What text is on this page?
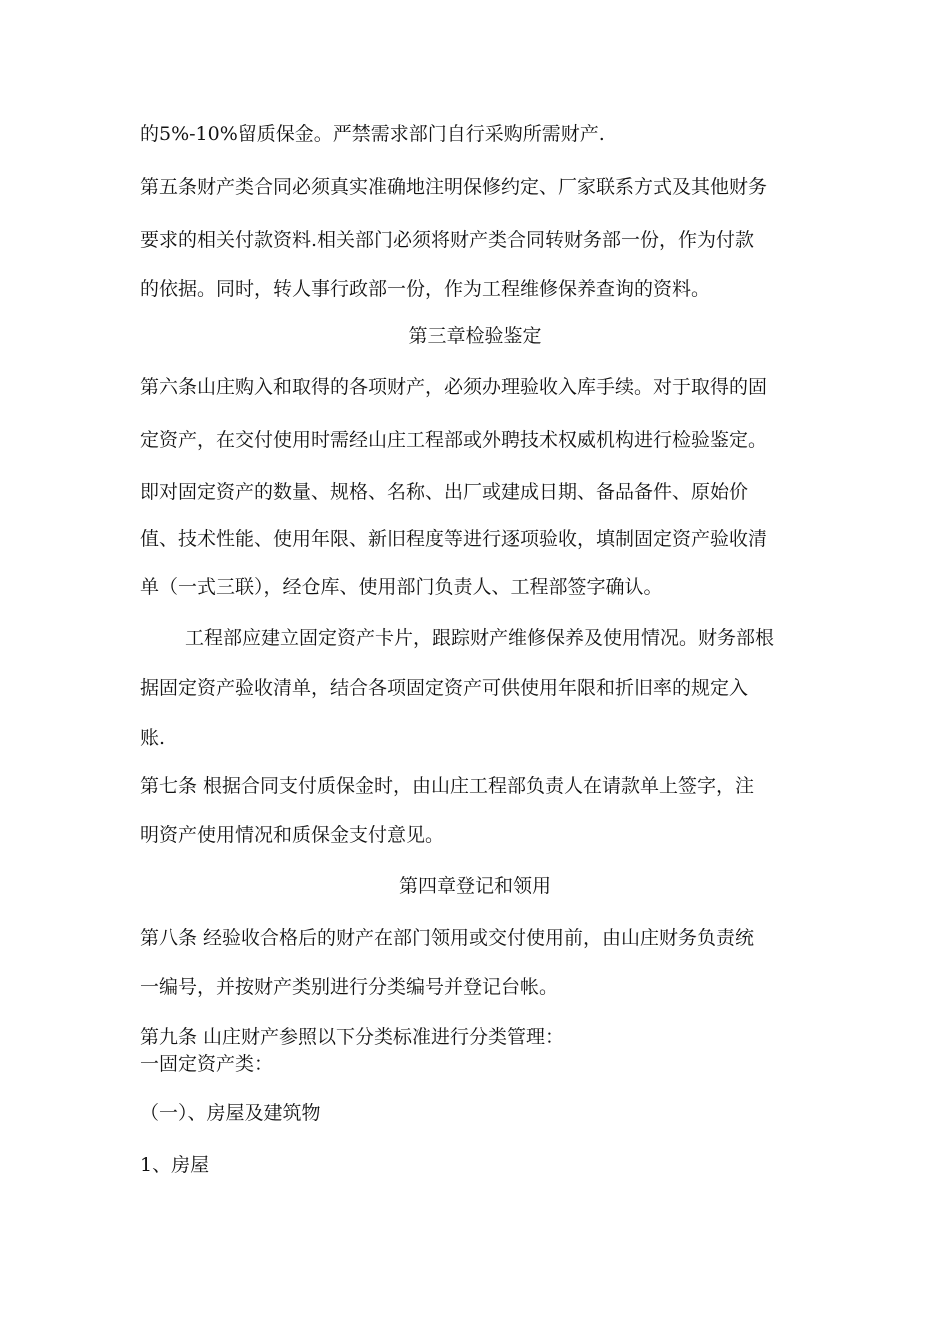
的5%-10%留质保金。严禁需求部门自行采购所需财产.
第五条财产类合同必须真实准确地注明保修约定、厂家联系方式及其他财务
要求的相关付款资料.相关部门必须将财产类合同转财务部一份，作为付款
的依据。同时，转人事行政部一份，作为工程维修保养查询的资料。
第三章检验鉴定
第六条山庄购入和取得的各项财产，必须办理验收入库手续。对于取得的固
定资产，在交付使用时需经山庄工程部或外聘技术权威机构进行检验鉴定。
即对固定资产的数量、规格、名称、出厂或建成日期、备品备件、原始价
值、技术性能、使用年限、新旧程度等进行逐项验收，填制固定资产验收清
单（一式三联），经仓库、使用部门负责人、工程部签字确认。
工程部应建立固定资产卡片，跟踪财产维修保养及使用情况。财务部根
据固定资产验收清单，结合各项固定资产可供使用年限和折旧率的规定入
账.
第七条 根据合同支付质保金时，由山庄工程部负责人在请款单上签字，注
明资产使用情况和质保金支付意见。
第四章登记和领用
第八条 经验收合格后的财产在部门领用或交付使用前，由山庄财务负责统
一编号，并按财产类别进行分类编号并登记台帐。
第九条 山庄财产参照以下分类标准进行分类管理：
一固定资产类：
（一）、房屋及建筑物
1、房屋
